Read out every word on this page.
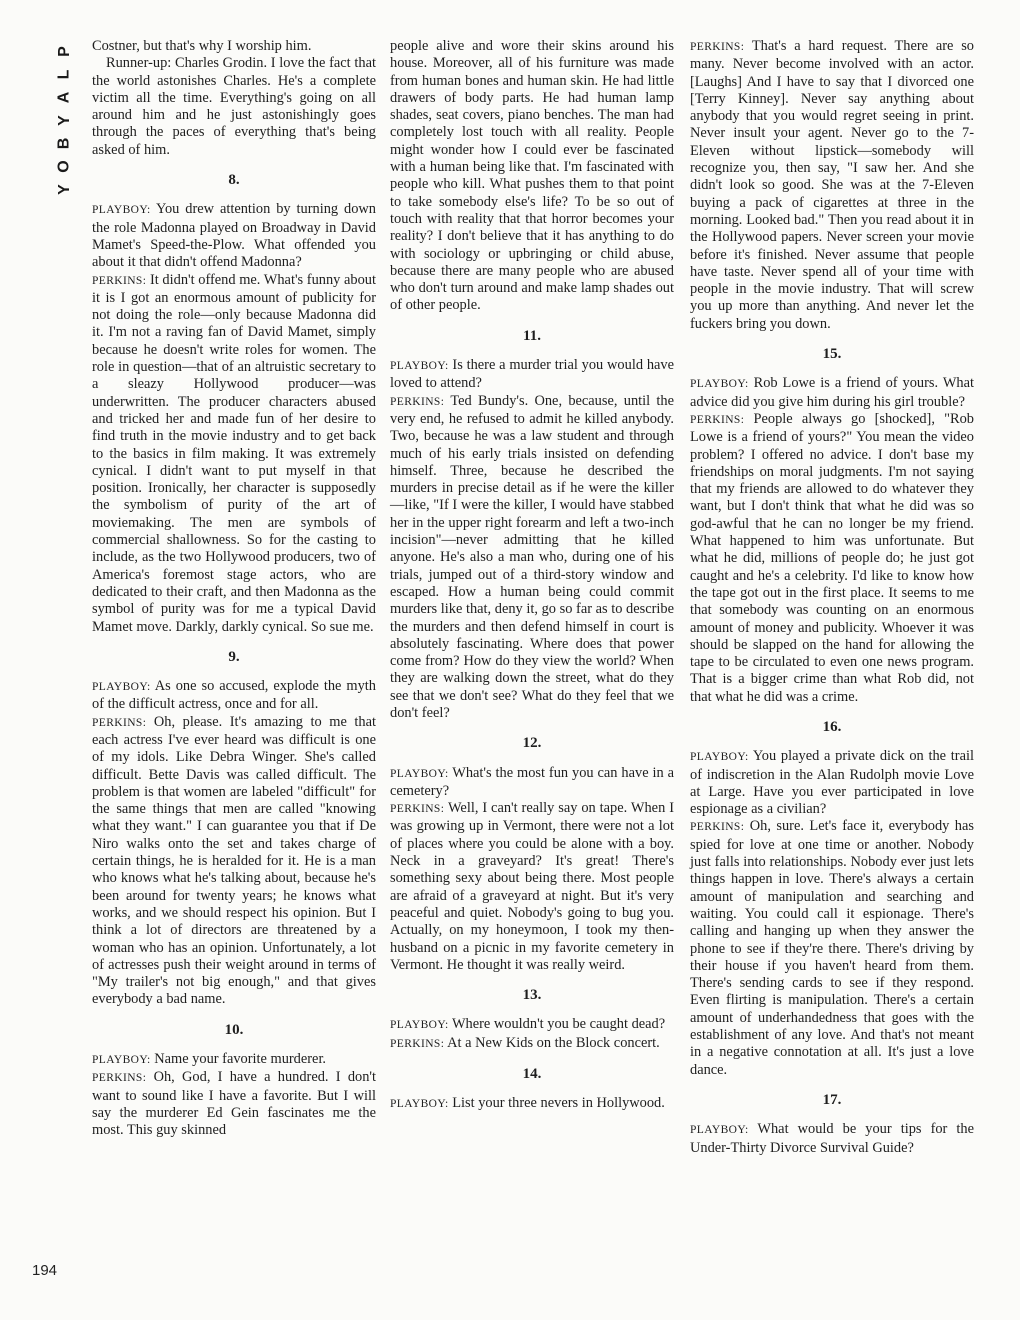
P
L
A
Y
B
O
Y
194

Costner, but that's why I worship him.

Runner-up: Charles Grodin. I love the fact that the world astonishes Charles. He's a complete victim all the time. Everything's going on all around him and he just astonishingly goes through the paces of everything that's being asked of him.

8.

PLAYBOY: You drew attention by turning down the role Madonna played on Broadway in David Mamet's Speed-the-Plow. What offended you about it that didn't offend Madonna?

PERKINS: It didn't offend me. What's funny about it is I got an enormous amount of publicity for not doing the role—only because Madonna did it. I'm not a raving fan of David Mamet, simply because he doesn't write roles for women. The role in question—that of an altruistic secretary to a sleazy Hollywood producer—was underwritten. The producer characters abused and tricked her and made fun of her desire to find truth in the movie industry and to get back to the basics in film making. It was extremely cynical. I didn't want to put myself in that position. Ironically, her character is supposedly the symbolism of purity of the art of moviemaking. The men are symbols of commercial shallowness. So for the casting to include, as the two Hollywood producers, two of America's foremost stage actors, who are dedicated to their craft, and then Madonna as the symbol of purity was for me a typical David Mamet move. Darkly, darkly cynical. So sue me.

9.

PLAYBOY: As one so accused, explode the myth of the difficult actress, once and for all.

PERKINS: Oh, please. It's amazing to me that each actress I've ever heard was difficult is one of my idols. Like Debra Winger. She's called difficult. Bette Davis was called difficult. The problem is that women are labeled "difficult" for the same things that men are called "knowing what they want." I can guarantee you that if De Niro walks onto the set and takes charge of certain things, he is heralded for it. He is a man who knows what he's talking about, because he's been around for twenty years; he knows what works, and we should respect his opinion. But I think a lot of directors are threatened by a woman who has an opinion. Unfortunately, a lot of actresses push their weight around in terms of "My trailer's not big enough," and that gives everybody a bad name.

10.

PLAYBOY: Name your favorite murderer.

PERKINS: Oh, God, I have a hundred. I don't want to sound like I have a favorite. But I will say the murderer Ed Gein fascinates me the most. This guy skinned

people alive and wore their skins around his house. Moreover, all of his furniture was made from human bones and human skin. He had little drawers of body parts. He had human lamp shades, seat covers, piano benches. The man had completely lost touch with all reality. People might wonder how I could ever be fascinated with a human being like that. I'm fascinated with people who kill. What pushes them to that point to take somebody else's life? To be so out of touch with reality that that horror becomes your reality? I don't believe that it has anything to do with sociology or upbringing or child abuse, because there are many people who are abused who don't turn around and make lamp shades out of other people.

11.

PLAYBOY: Is there a murder trial you would have loved to attend?

PERKINS: Ted Bundy's. One, because, until the very end, he refused to admit he killed anybody. Two, because he was a law student and through much of his early trials insisted on defending himself. Three, because he described the murders in precise detail as if he were the killer—like, "If I were the killer, I would have stabbed her in the upper right forearm and left a two-inch incision"—never admitting that he killed anyone. He's also a man who, during one of his trials, jumped out of a third-story window and escaped. How a human being could commit murders like that, deny it, go so far as to describe the murders and then defend himself in court is absolutely fascinating. Where does that power come from? How do they view the world? When they are walking down the street, what do they see that we don't see? What do they feel that we don't feel?

12.

PLAYBOY: What's the most fun you can have in a cemetery?

PERKINS: Well, I can't really say on tape. When I was growing up in Vermont, there were not a lot of places where you could be alone with a boy. Neck in a graveyard? It's great! There's something sexy about being there. Most people are afraid of a graveyard at night. But it's very peaceful and quiet. Nobody's going to bug you. Actually, on my honeymoon, I took my then-husband on a picnic in my favorite cemetery in Vermont. He thought it was really weird.

13.

PLAYBOY: Where wouldn't you be caught dead?

PERKINS: At a New Kids on the Block concert.

14.

PLAYBOY: List your three nevers in Hollywood.

PERKINS: That's a hard request. There are so many. Never become involved with an actor. [Laughs] And I have to say that I divorced one [Terry Kinney]. Never say anything about anybody that you would regret seeing in print. Never insult your agent. Never go to the 7-Eleven without lipstick—somebody will recognize you, then say, "I saw her. And she didn't look so good. She was at the 7-Eleven buying a pack of cigarettes at three in the morning. Looked bad." Then you read about it in the Hollywood papers. Never screen your movie before it's finished. Never assume that people have taste. Never spend all of your time with people in the movie industry. That will screw you up more than anything. And never let the fuckers bring you down.

15.

PLAYBOY: Rob Lowe is a friend of yours. What advice did you give him during his girl trouble?

PERKINS: People always go [shocked], "Rob Lowe is a friend of yours?" You mean the video problem? I offered no advice. I don't base my friendships on moral judgments. I'm not saying that my friends are allowed to do whatever they want, but I don't think that what he did was so god-awful that he can no longer be my friend. What happened to him was unfortunate. But what he did, millions of people do; he just got caught and he's a celebrity. I'd like to know how the tape got out in the first place. It seems to me that somebody was counting on an enormous amount of money and publicity. Whoever it was should be slapped on the hand for allowing the tape to be circulated to even one news program. That is a bigger crime than what Rob did, not that what he did was a crime.

16.

PLAYBOY: You played a private dick on the trail of indiscretion in the Alan Rudolph movie Love at Large. Have you ever participated in love espionage as a civilian?

PERKINS: Oh, sure. Let's face it, everybody has spied for love at one time or another. Nobody just falls into relationships. Nobody ever just lets things happen in love. There's always a certain amount of manipulation and searching and waiting. You could call it espionage. There's calling and hanging up when they answer the phone to see if they're there. There's driving by their house if you haven't heard from them. There's sending cards to see if they respond. Even flirting is manipulation. There's a certain amount of underhandedness that goes with the establishment of any love. And that's not meant in a negative connotation at all. It's just a love dance.

17.

PLAYBOY: What would be your tips for the Under-Thirty Divorce Survival Guide?
